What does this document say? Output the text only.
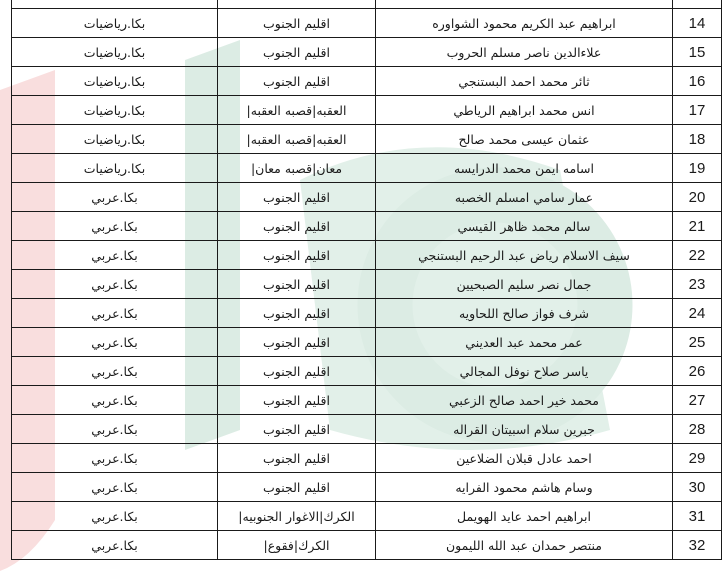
14	ابراهيم عبد الكريم محمود الشواوره	اقليم الجنوب	بكا.رياضيات
15	علاءالدين ناصر مسلم الحروب	اقليم الجنوب	بكا.رياضيات
16	ثائر محمد احمد البستنجي	اقليم الجنوب	بكا.رياضيات
17	انس محمد ابراهيم الرياطي	العقبه|قصبه العقبه|	بكا.رياضيات
18	عثمان عيسى محمد صالح	العقبه|قصبه العقبه|	بكا.رياضيات
19	اسامه ايمن محمد الدرايسه	معان|قصبه معان|	بكا.رياضيات
20	عمار سامي امسلم الخصبه	اقليم الجنوب	بكا.عربي
21	سالم محمد ظاهر القيسي	اقليم الجنوب	بكا.عربي
22	سيف الاسلام رياض عبد الرحيم البستنجي	اقليم الجنوب	بكا.عربي
23	جمال نصر سليم الصبحيين	اقليم الجنوب	بكا.عربي
24	شرف فواز صالح اللحاويه	اقليم الجنوب	بكا.عربي
25	عمر محمد عبد العديني	اقليم الجنوب	بكا.عربي
26	ياسر صلاح نوفل المجالي	اقليم الجنوب	بكا.عربي
27	محمد خير احمد صالح الزعبي	اقليم الجنوب	بكا.عربي
28	جبرين سلام اسبيتان القراله	اقليم الجنوب	بكا.عربي
29	احمد عادل قبلان الضلاعين	اقليم الجنوب	بكا.عربي
30	وسام هاشم محمود الفرايه	اقليم الجنوب	بكا.عربي
31	ابراهيم احمد عايد الهويمل	الكرك|الاغوار الجنوبيه|	بكا.عربي
32	منتصر حمدان عبد الله الليمون	الكرك|فقوع|	بكا.عربي
